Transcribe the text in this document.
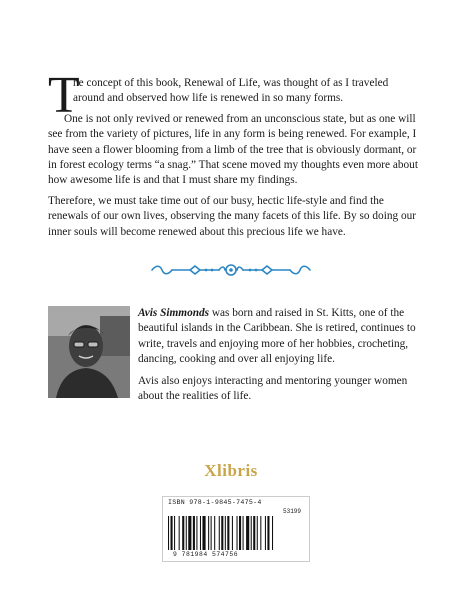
T
he concept of this book, Renewal of Life, was thought of as I traveled
around and observed how life is renewed in so many forms.

One is not only revived or renewed from an unconscious state, but as one will see from the variety of pictures, life in any form is being renewed. For example, I have seen a flower blooming from a limb of the tree that is obviously dormant, or in forest ecology terms “a snag.” That scene moved my thoughts even more about how awesome life is and that I must share my findings.

Therefore, we must take time out of our busy, hectic life-style and find the renewals of our own lives, observing the many facets of this life. By so doing our inner souls will become renewed about this precious life we have.

Avis Simmonds was born and raised in St. Kitts, one of the beautiful islands in the Caribbean. She is retired, continues to write, travels and enjoying more of her hobbies, crocheting, dancing, cooking and over all enjoying life.

Avis also enjoys interacting and mentoring younger women about the realities of life.

Xlibris
ISBN 978-1-9845-7475-4
53199
9 781984 574756
